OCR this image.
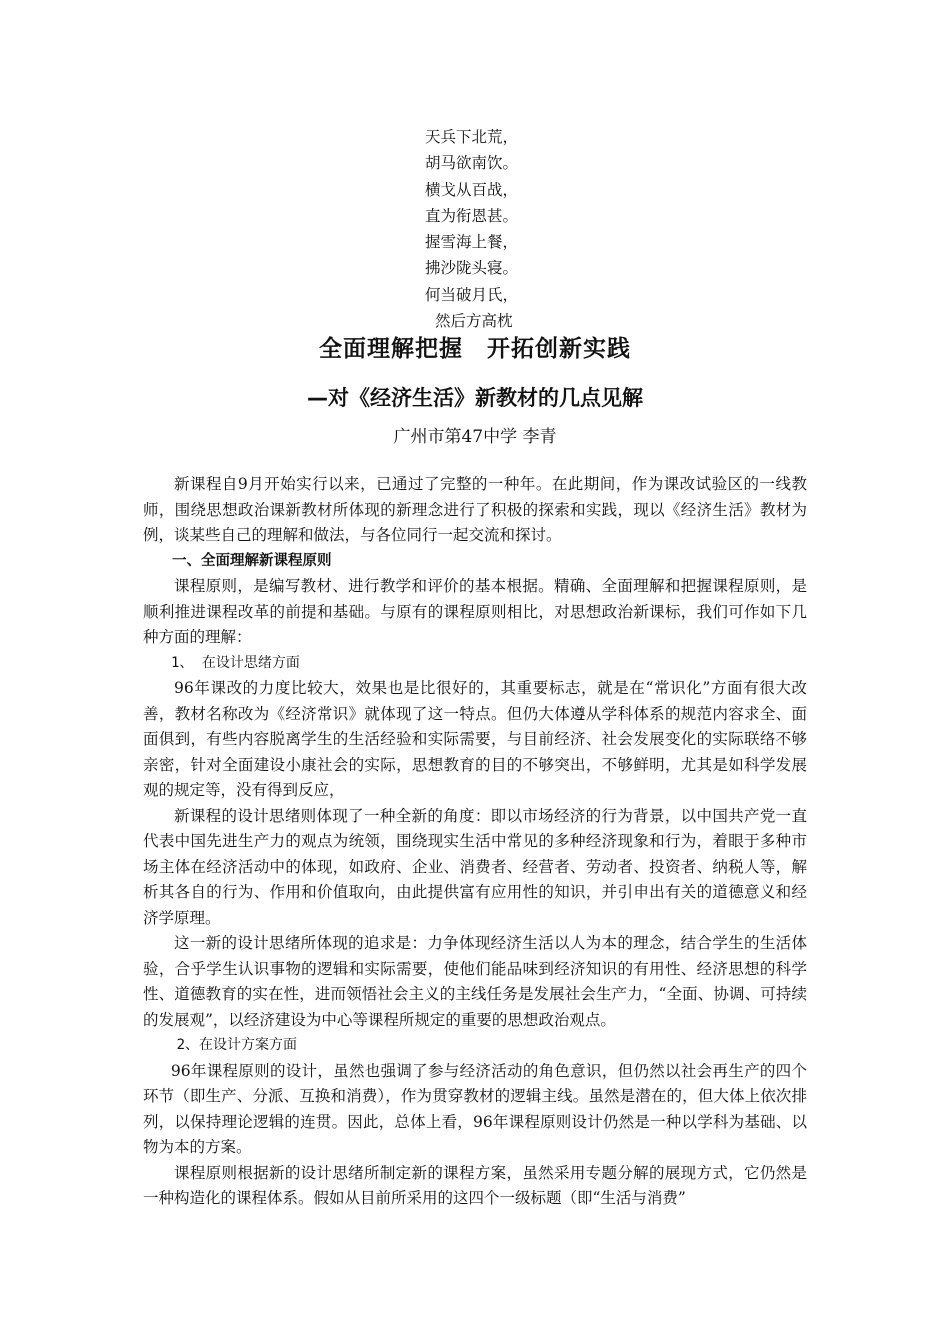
天兵下北荒，
胡马欲南饮。
横戈从百战，
直为衔恩甚。
握雪海上餐，
拂沙陇头寝。
何当破月氏，
然后方高枕
全面理解把握　开拓创新实践
—对《经济生活》新教材的几点见解
广州市第47中学 李青

新课程自9月开始实行以来，已通过了完整的一种年。在此期间，作为课改试验区的一线教师，围绕思想政治课新教材所体现的新理念进行了积极的探索和实践，现以《经济生活》教材为例，谈某些自己的理解和做法，与各位同行一起交流和探讨。

一、全面理解新课程原则

课程原则，是编写教材、进行教学和评价的基本根据。精确、全面理解和把握课程原则，是顺利推进课程改革的前提和基础。与原有的课程原则相比，对思想政治新课标，我们可作如下几种方面的理解：

1、 在设计思绪方面

96年课改的力度比较大，效果也是比很好的，其重要标志，就是在“常识化”方面有很大改善，教材名称改为《经济常识》就体现了这一特点。但仍大体遵从学科体系的规范内容求全、面面俱到，有些内容脱离学生的生活经验和实际需要，与目前经济、社会发展变化的实际联络不够亲密，针对全面建设小康社会的实际，思想教育的目的不够突出，不够鲜明，尤其是如科学发展观的规定等，没有得到反应，

新课程的设计思绪则体现了一种全新的角度：即以市场经济的行为背景，以中国共产党一直代表中国先进生产力的观点为统领，围绕现实生活中常见的多种经济现象和行为，着眼于多种市场主体在经济活动中的体现，如政府、企业、消费者、经营者、劳动者、投资者、纳税人等，解析其各自的行为、作用和价值取向，由此提供富有应用性的知识，并引申出有关的道德意义和经济学原理。

这一新的设计思绪所体现的追求是：力争体现经济生活以人为本的理念，结合学生的生活体验，合乎学生认识事物的逻辑和实际需要，使他们能品味到经济知识的有用性、经济思想的科学性、道德教育的实在性，进而领悟社会主义的主线任务是发展社会生产力，“全面、协调、可持续的发展观”，以经济建设为中心等课程所规定的重要的思想政治观点。

2、在设计方案方面

96年课程原则的设计，虽然也强调了参与经济活动的角色意识，但仍然以社会再生产的四个环节（即生产、分派、互换和消费），作为贯穿教材的逻辑主线。虽然是潜在的，但大体上依次排列，以保持理论逻辑的连贯。因此，总体上看，96年课程原则设计仍然是一种以学科为基础、以物为本的方案。

课程原则根据新的设计思绪所制定新的课程方案，虽然采用专题分解的展现方式，它仍然是一种构造化的课程体系。假如从目前所采用的这四个一级标题（即“生活与消费”
